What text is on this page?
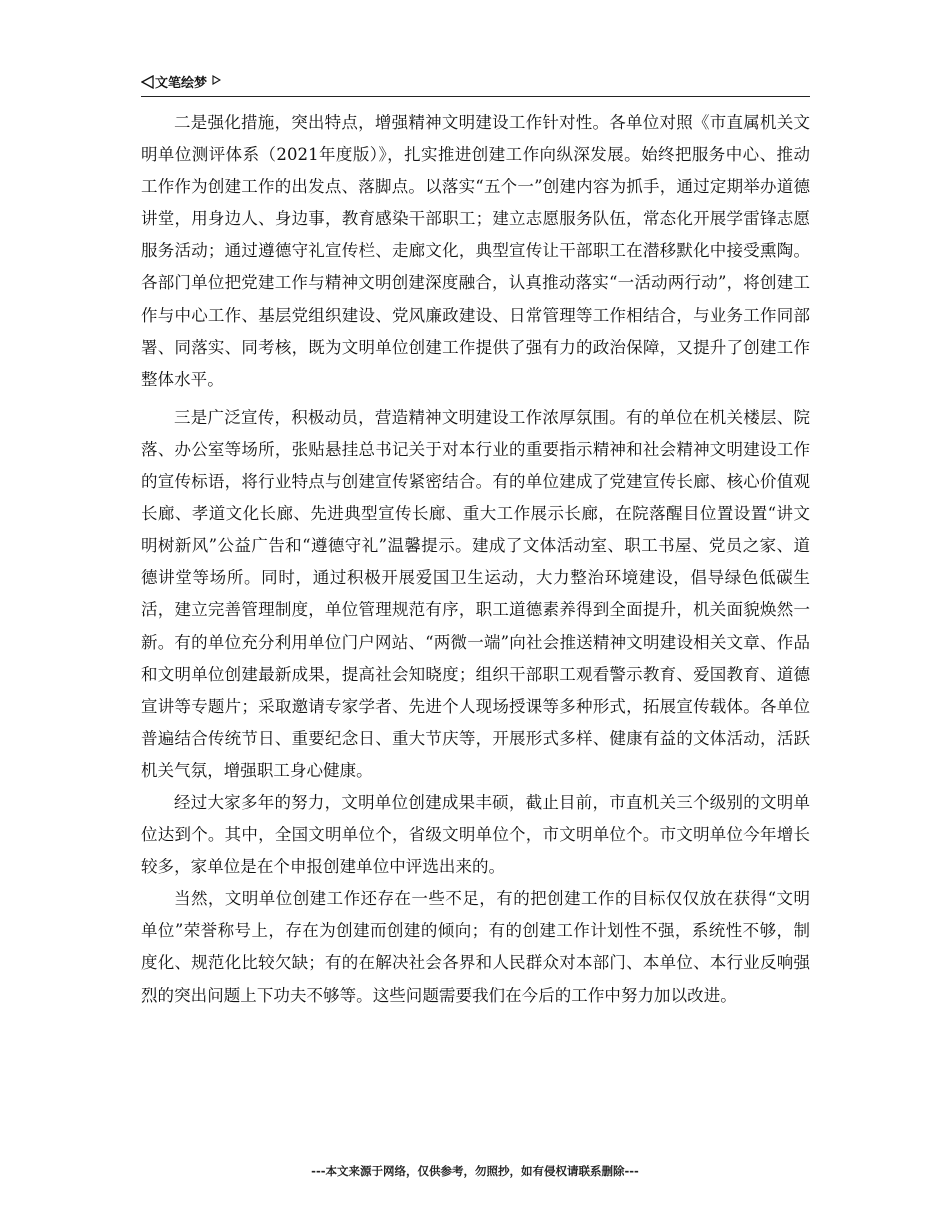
文笔绘梦

二是强化措施，突出特点，增强精神文明建设工作针对性。各单位对照《市直属机关文明单位测评体系（2021年度版）》，扎实推进创建工作向纵深发展。始终把服务中心、推动工作作为创建工作的出发点、落脚点。以落实“五个一”创建内容为抓手，通过定期举办道德讲堂，用身边人、身边事，教育感染干部职工；建立志愿服务队伍，常态化开展学雷锋志愿服务活动；通过遵德守礼宣传栏、走廊文化，典型宣传让干部职工在潜移默化中接受熏陶。各部门单位把党建工作与精神文明创建深度融合，认真推动落实“一活动两行动”，将创建工作与中心工作、基层党组织建设、党风廉政建设、日常管理等工作相结合，与业务工作同部署、同落实、同考核，既为文明单位创建工作提供了强有力的政治保障，又提升了创建工作整体水平。

三是广泛宣传，积极动员，营造精神文明建设工作浓厚氛围。有的单位在机关楼层、院落、办公室等场所，张贴悬挂总书记关于对本行业的重要指示精神和社会精神文明建设工作的宣传标语，将行业特点与创建宣传紧密结合。有的单位建成了党建宣传长廊、核心价值观长廊、孝道文化长廊、先进典型宣传长廊、重大工作展示长廊，在院落醒目位置设置“讲文明树新风”公益广告和“遵德守礼”温馨提示。建成了文体活动室、职工书屋、党员之家、道德讲堂等场所。同时，通过积极开展爱国卫生运动，大力整治环境建设，倡导绿色低碳生活，建立完善管理制度，单位管理规范有序，职工道德素养得到全面提升，机关面貌焕然一新。有的单位充分利用单位门户网站、“两微一端”向社会推送精神文明建设相关文章、作品和文明单位创建最新成果，提高社会知晓度；组织干部职工观看警示教育、爱国教育、道德宣讲等专题片；采取邀请专家学者、先进个人现场授课等多种形式，拓展宣传载体。各单位普遍结合传统节日、重要纪念日、重大节庆等，开展形式多样、健康有益的文体活动，活跃机关气氛，增强职工身心健康。

经过大家多年的努力，文明单位创建成果丰硕，截止目前，市直机关三个级别的文明单位达到个。其中，全国文明单位个，省级文明单位个，市文明单位个。市文明单位今年增长较多，家单位是在个申报创建单位中评选出来的。

当然，文明单位创建工作还存在一些不足，有的把创建工作的目标仅仅放在获得“文明单位”荣誉称号上，存在为创建而创建的倾向；有的创建工作计划性不强，系统性不够，制度化、规范化比较欠缺；有的在解决社会各界和人民群众对本部门、本单位、本行业反响强烈的突出问题上下功夫不够等。这些问题需要我们在今后的工作中努力加以改进。

---本文来源于网络，仅供参考，勿照抄，如有侵权请联系删除---
